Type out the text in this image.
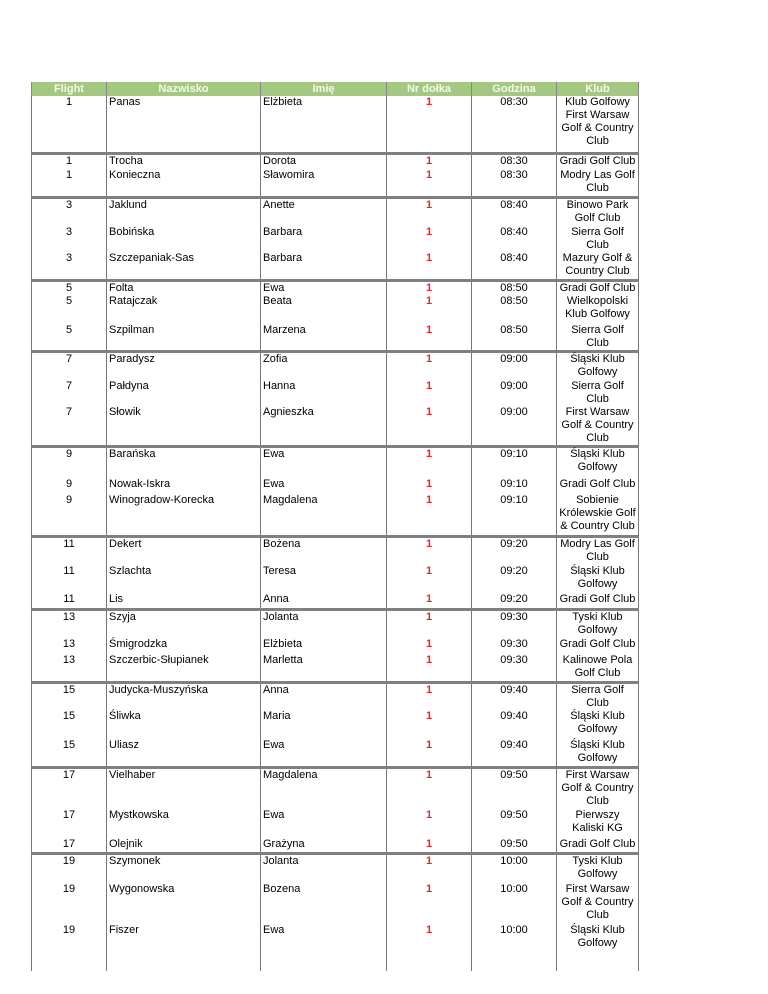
Flight	Nazwisko	Imię	Nr dołka	Godzina	Klub
1	Panas	Elżbieta	1	08:30	Klub Golfowy First Warsaw Golf & Country Club
1	Trocha	Dorota	1	08:30	Gradi Golf Club
1	Konieczna	Sławomira	1	08:30	Modry Las Golf Club
3	Jaklund	Anette	1	08:40	Binowo Park Golf Club
3	Bobińska	Barbara	1	08:40	Sierra Golf Club
3	Szczepaniak-Sas	Barbara	1	08:40	Mazury Golf & Country Club
5	Folta	Ewa	1	08:50	Gradi Golf Club
5	Ratajczak	Beata	1	08:50	Wielkopolski Klub Golfowy
5	Szpilman	Marzena	1	08:50	Sierra Golf Club
7	Paradysz	Zofia	1	09:00	Śląski Klub Golfowy
7	Pałdyna	Hanna	1	09:00	Sierra Golf Club
7	Słowik	Agnieszka	1	09:00	First Warsaw Golf & Country Club
9	Barańska	Ewa	1	09:10	Śląski Klub Golfowy
9	Nowak-Iskra	Ewa	1	09:10	Gradi Golf Club
9	Winogradow-Korecka	Magdalena	1	09:10	Sobienie Królewskie Golf & Country Club
11	Dekert	Bożena	1	09:20	Modry Las Golf Club
11	Szlachta	Teresa	1	09:20	Śląski Klub Golfowy
11	Lis	Anna	1	09:20	Gradi Golf Club
13	Szyja	Jolanta	1	09:30	Tyski Klub Golfowy
13	Śmigrodzka	Elżbieta	1	09:30	Gradi Golf Club
13	Szczerbic-Słupianek	Marletta	1	09:30	Kalinowe Pola Golf Club
15	Judycka-Muszyńska	Anna	1	09:40	Sierra Golf Club
15	Śliwka	Maria	1	09:40	Śląski Klub Golfowy
15	Uliasz	Ewa	1	09:40	Śląski Klub Golfowy
17	Vielhaber	Magdalena	1	09:50	First Warsaw Golf & Country Club
17	Mystkowska	Ewa	1	09:50	Pierwszy Kaliski KG
17	Olejnik	Grażyna	1	09:50	Gradi Golf Club
19	Szymonek	Jolanta	1	10:00	Tyski Klub Golfowy
19	Wygonowska	Bozena	1	10:00	First Warsaw Golf & Country Club
19	Fiszer	Ewa	1	10:00	Śląski Klub Golfowy
